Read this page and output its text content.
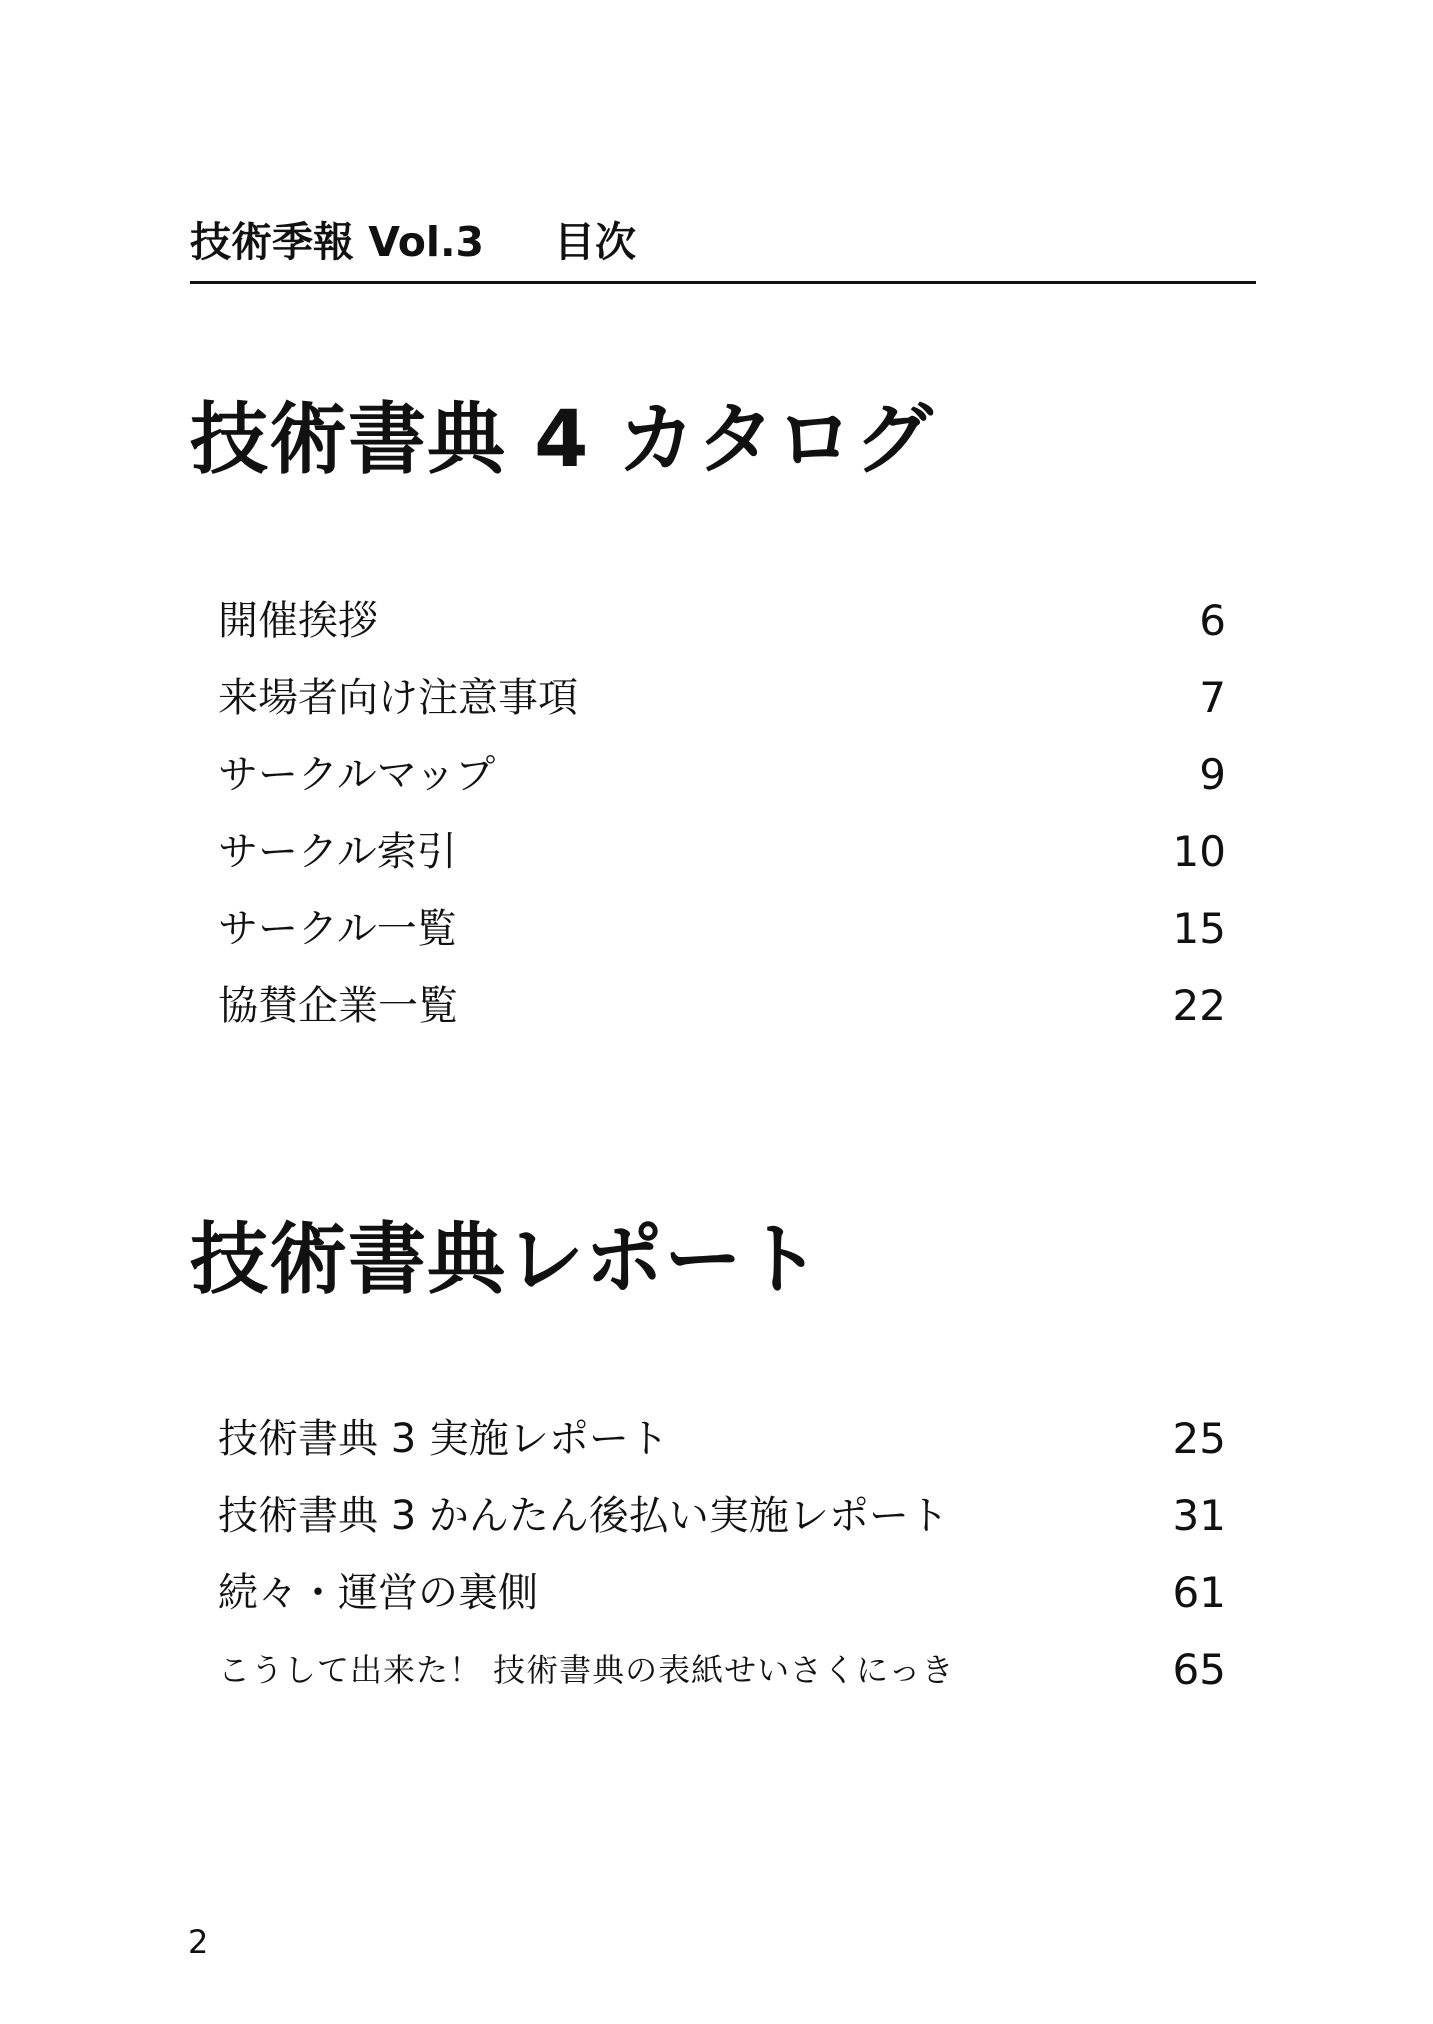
技術季報 Vol.3 目次
技術書典 4 カタログ
開催挨拶	6
来場者向け注意事項	7
サークルマップ	9
サークル索引	10
サークル一覧	15
協賛企業一覧	22
技術書典レポート
技術書典 3 実施レポート	25
技術書典 3 かんたん後払い実施レポート	31
続々・運営の裏側	61
こうして出来た！ 技術書典の表紙せいさくにっき	65
2
